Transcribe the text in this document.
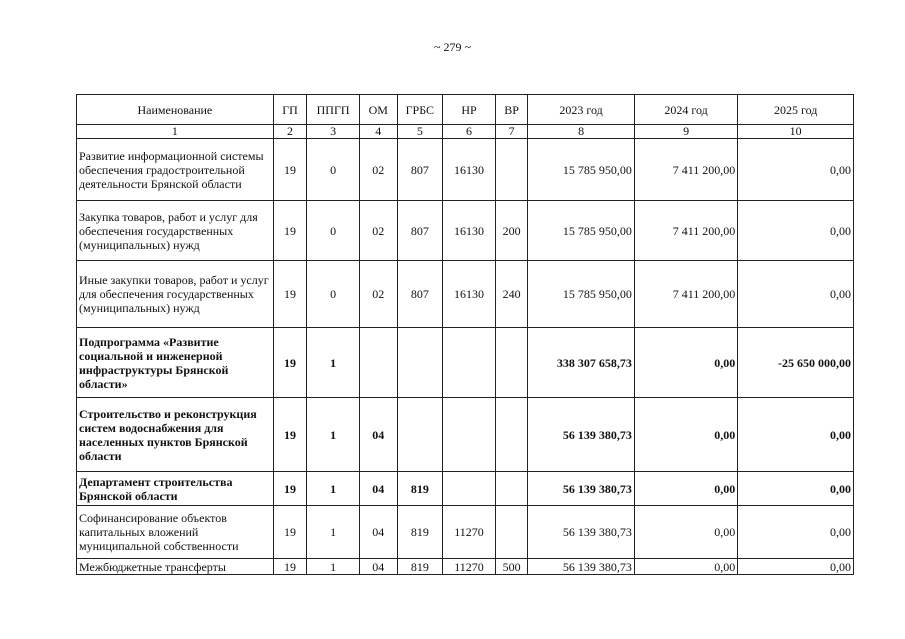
~ 279 ~
Наименование	ГП	ППГП	ОМ	ГРБС	НР	ВР	2023 год	2024 год	2025 год
1	2	3	4	5	6	7	8	9	10
Развитие информационной системы обеспечения градостроительной деятельности Брянской области	19	0	02	807	16130		15 785 950,00	7 411 200,00	0,00
Закупка товаров, работ и услуг для обеспечения государственных (муниципальных) нужд	19	0	02	807	16130	200	15 785 950,00	7 411 200,00	0,00
Иные закупки товаров, работ и услуг для обеспечения государственных (муниципальных) нужд	19	0	02	807	16130	240	15 785 950,00	7 411 200,00	0,00
Подпрограмма «Развитие социальной и инженерной инфраструктуры Брянской области»	19	1					338 307 658,73	0,00	-25 650 000,00
Строительство и реконструкция систем водоснабжения для населенных пунктов Брянской области	19	1	04				56 139 380,73	0,00	0,00
Департамент строительства Брянской области	19	1	04	819			56 139 380,73	0,00	0,00
Софинансирование объектов капитальных вложений муниципальной собственности	19	1	04	819	11270		56 139 380,73	0,00	0,00
Межбюджетные трансферты	19	1	04	819	11270	500	56 139 380,73	0,00	0,00
